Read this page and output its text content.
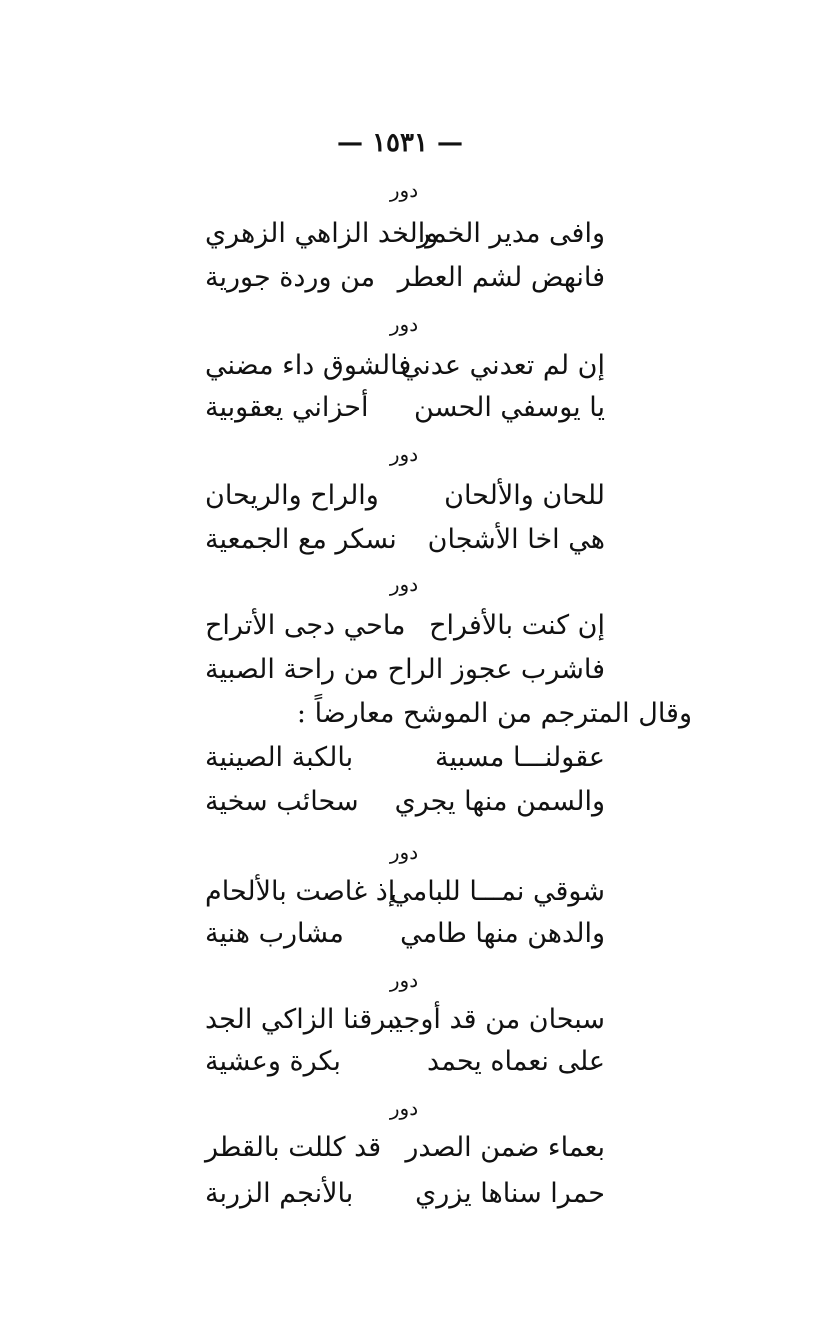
— ١٥٣١ —
دور
وافى مدير الخمر
والخد الزاهي الزهري
فانهض لشم العطر
من وردة جورية
دور
إن لم تعدني عدني
فالشوق داء مضني
يا يوسفي الحسن
أحزاني يعقوبية
دور
للحان والألحان
والراح والريحان
هي اخا الأشجان
نسكر مع الجمعية
دور
إن كنت بالأفراح
ماحي دجى الأتراح
فاشرب عجوز الراح
من راحة الصبية
وقال المترجم من الموشح معارضاً :
عقولنـــا مسبية
بالكبة الصينية
والسمن منها يجري
سحائب سخية
دور
شوقي نمـــا للبامي
إذ غاصت بالألحام
والدهن منها طامي
مشارب هنية
دور
سبحان من قد أوجد
يبرقنا الزاكي الجد
على نعماه يحمد
بكرة وعشية
دور
بعماء ضمن الصدر
قد كللت بالقطر
حمرا سناها يزري
بالأنجم الزربة
